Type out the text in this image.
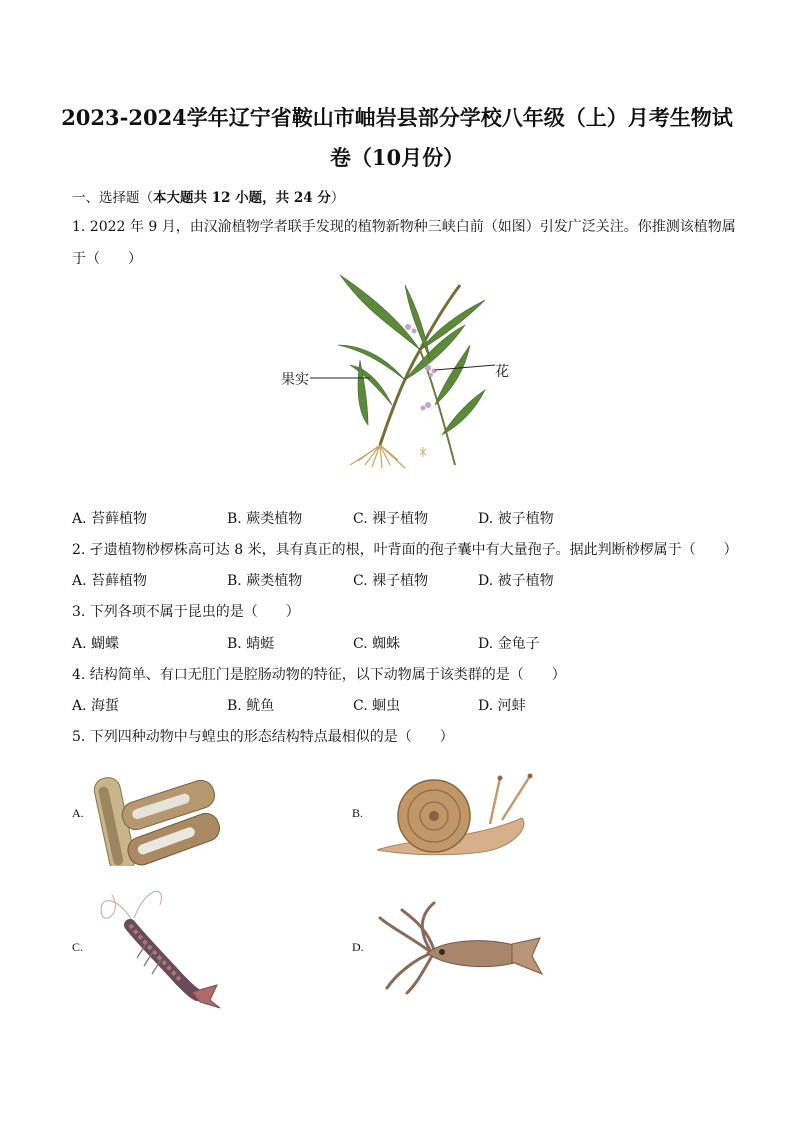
2023-2024学年辽宁省鞍山市岫岩县部分学校八年级（上）月考生物试
卷（10月份）
一、选择题（本大题共 12 小题，共 24 分）
1. 2022 年 9 月，由汉渝植物学者联手发现的植物新物种三峡白前（如图）引发广泛关注。你推测该植物属
于（　　）
果实	花
A. 苔藓植物	B. 蕨类植物	C. 裸子植物	D. 被子植物
2. 孑遗植物桫椤株高可达 8 米，具有真正的根，叶背面的孢子囊中有大量孢子。据此判断桫椤属于（　　）
A. 苔藓植物	B. 蕨类植物	C. 裸子植物	D. 被子植物
3. 下列各项不属于昆虫的是（　　）
A. 蝴蝶	B. 蜻蜓	C. 蜘蛛	D. 金龟子
4. 结构简单、有口无肛门是腔肠动物的特征，以下动物属于该类群的是（　　）
A. 海蜇	B. 鱿鱼	C. 蛔虫	D. 河蚌
5. 下列四种动物中与蝗虫的形态结构特点最相似的是（　　）
A.	B.
C.	D.
